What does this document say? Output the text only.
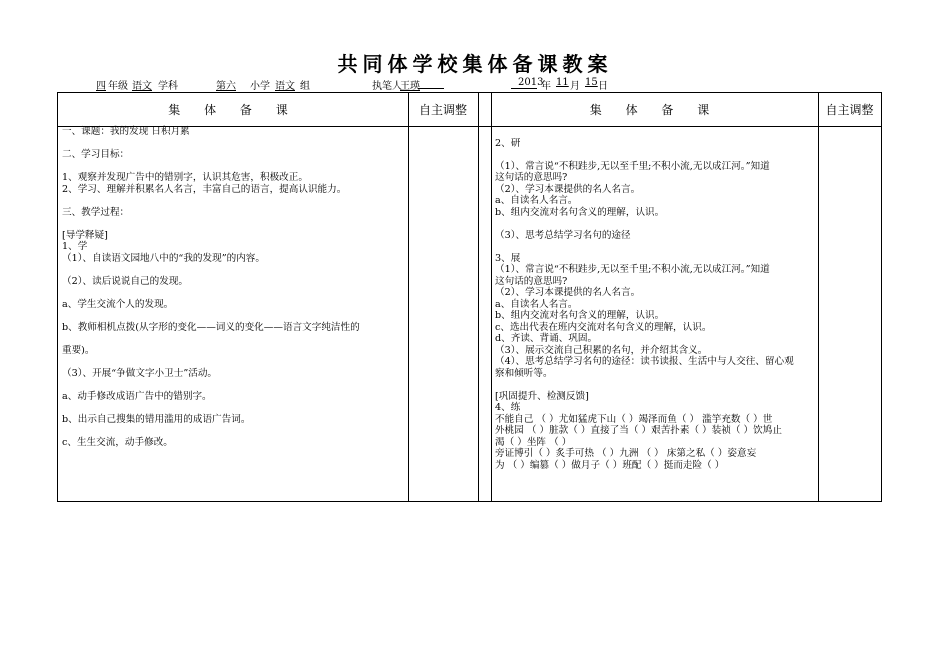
共同体学校集体备课教案
四 年级 语文 学科	第六 小学 语文 组	执笔人
王瑛	2013
年 11 月 15 日
集 体 备 课	自主调整	集 体 备 课	自主调整
一、课题：我的发现 日积月累

二、学习目标：

1、观察并发现广告中的错别字，认识其危害，积极改正。
2、学习、理解并积累名人名言，丰富自己的语言，提高认识能力。

三、教学过程：

[导学释疑]
1、学
（1）、自读语文园地八中的“我的发现”的内容。

（2）、读后说说自己的发现。

a、学生交流个人的发现。

b、教师相机点拨(从字形的变化——词义的变化——语言文字纯洁性的

重要)。

（3）、开展“争做文字小卫士”活动。

a、动手修改成语广告中的错别字。

b、出示自己搜集的错用滥用的成语广告词。

c、生生交流，动手修改。

2、研

（1）、常言说“不积跬步,无以至千里;不积小流,无以成江河。”知道
这句话的意思吗?
（2）、学习本课提供的名人名言。
a、自读名人名言。
b、组内交流对名句含义的理解，认识。

（3）、思考总结学习名句的途径

3、展
（1）、常言说“不积跬步,无以至千里;不积小流,无以成江河。”知道
这句话的意思吗?
（2）、学习本课提供的名人名言。
a、自读名人名言。
b、组内交流对名句含义的理解，认识。
c、选出代表在班内交流对名句含义的理解，认识。
d、齐读、背诵、巩固。
（3）、展示交流自己积累的名句，并介绍其含义。
（4）、思考总结学习名句的途径：读书读报、生活中与人交往、留心观
察和倾听等。

[巩固提升、检测反馈]
4、练
不能自己 （ ）尤如猛虎下山（ ）竭泽而鱼（ ） 滥竽充数（ ）世
外桃园 （ ）脏款（ ）直接了当（ ）艰苦扑素（ ）装祯（ ）饮鸠止
渴（ ）坐阵 （ ）
旁证博引（ ）炙手可热 （ ）九洲 （ ） 床第之私（ ）姿意妄
为 （ ）编篡（ ）做月子（ ）班配（ ）挺而走险（ ）
